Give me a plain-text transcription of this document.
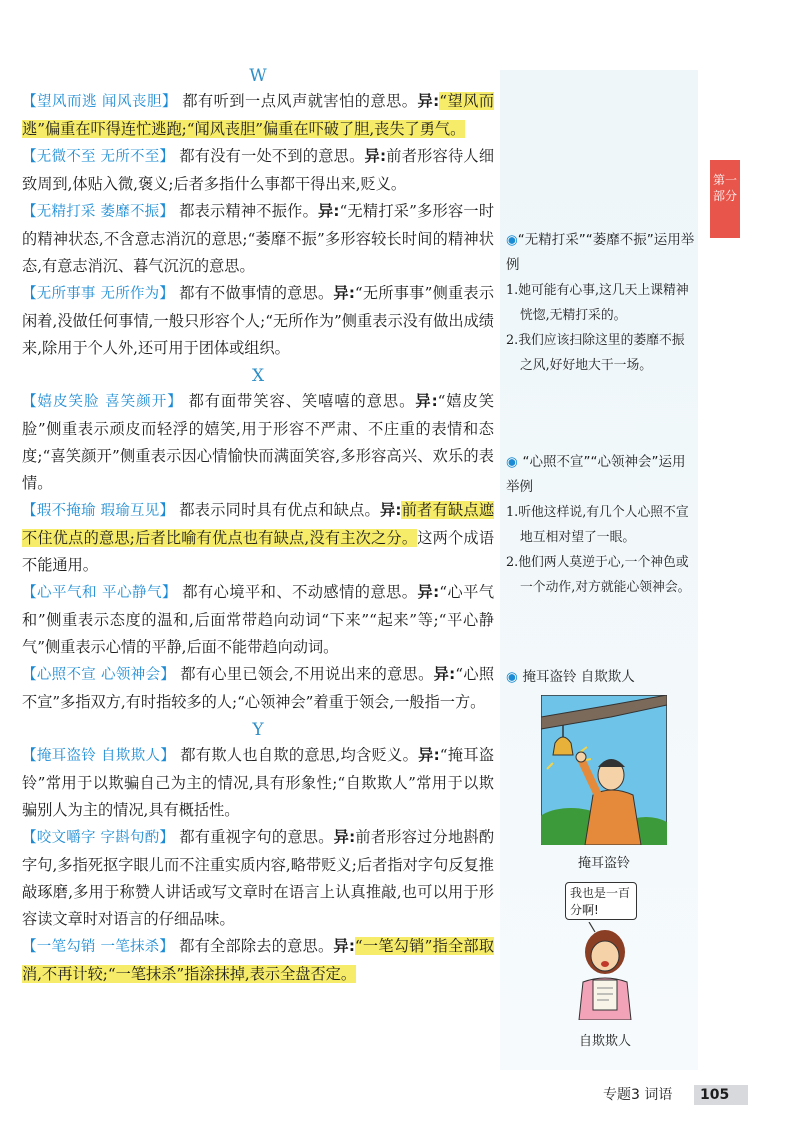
W

【望风而逃 闻风丧胆】 都有听到一点风声就害怕的意思。异:“望风而逃”偏重在吓得连忙逃跑;“闻风丧胆”偏重在吓破了胆,丧失了勇气。

【无微不至 无所不至】 都有没有一处不到的意思。异:前者形容待人细致周到,体贴入微,褒义;后者多指什么事都干得出来,贬义。

【无精打采 萎靡不振】 都表示精神不振作。异:“无精打采”多形容一时的精神状态,不含意志消沉的意思;“萎靡不振”多形容较长时间的精神状态,有意志消沉、暮气沉沉的意思。

【无所事事 无所作为】 都有不做事情的意思。异:“无所事事”侧重表示闲着,没做任何事情,一般只形容个人;“无所作为”侧重表示没有做出成绩来,除用于个人外,还可用于团体或组织。

X

【嬉皮笑脸 喜笑颜开】 都有面带笑容、笑嘻嘻的意思。异:“嬉皮笑脸”侧重表示顽皮而轻浮的嬉笑,用于形容不严肃、不庄重的表情和态度;“喜笑颜开”侧重表示因心情愉快而满面笑容,多形容高兴、欢乐的表情。

【瑕不掩瑜 瑕瑜互见】 都表示同时具有优点和缺点。异:前者有缺点遮不住优点的意思;后者比喻有优点也有缺点,没有主次之分。这两个成语不能通用。

【心平气和 平心静气】 都有心境平和、不动感情的意思。异:“心平气和”侧重表示态度的温和,后面常带趋向动词“下来”“起来”等;“平心静气”侧重表示心情的平静,后面不能带趋向动词。

【心照不宣 心领神会】 都有心里已领会,不用说出来的意思。异:“心照不宣”多指双方,有时指较多的人;“心领神会”着重于领会,一般指一方。

Y

【掩耳盗铃 自欺欺人】 都有欺人也自欺的意思,均含贬义。异:“掩耳盗铃”常用于以欺骗自己为主的情况,具有形象性;“自欺欺人”常用于以欺骗别人为主的情况,具有概括性。

【咬文嚼字 字斟句酌】 都有重视字句的意思。异:前者形容过分地斟酌字句,多指死抠字眼儿而不注重实质内容,略带贬义;后者指对字句反复推敲琢磨,多用于称赞人讲话或写文章时在语言上认真推敲,也可以用于形容读文章时对语言的仔细品味。

【一笔勾销 一笔抹杀】 都有全部除去的意思。异:“一笔勾销”指全部取消,不再计较;“一笔抹杀”指涂抹掉,表示全盘否定。

第一部分
◉“无精打采”“萎靡不振”运用举例
1.她可能有心事,这几天上课精神恍惚,无精打采的。
2.我们应该扫除这里的萎靡不振之风,好好地大干一场。
◉ “心照不宣”“心领神会”运用举例
1.听他这样说,有几个人心照不宣地互相对望了一眼。
2.他们两人莫逆于心,一个神色或一个动作,对方就能心领神会。
◉ 掩耳盗铃 自欺欺人
掩耳盗铃
我也是一百分啊!
自欺欺人
专题3 词语	105
